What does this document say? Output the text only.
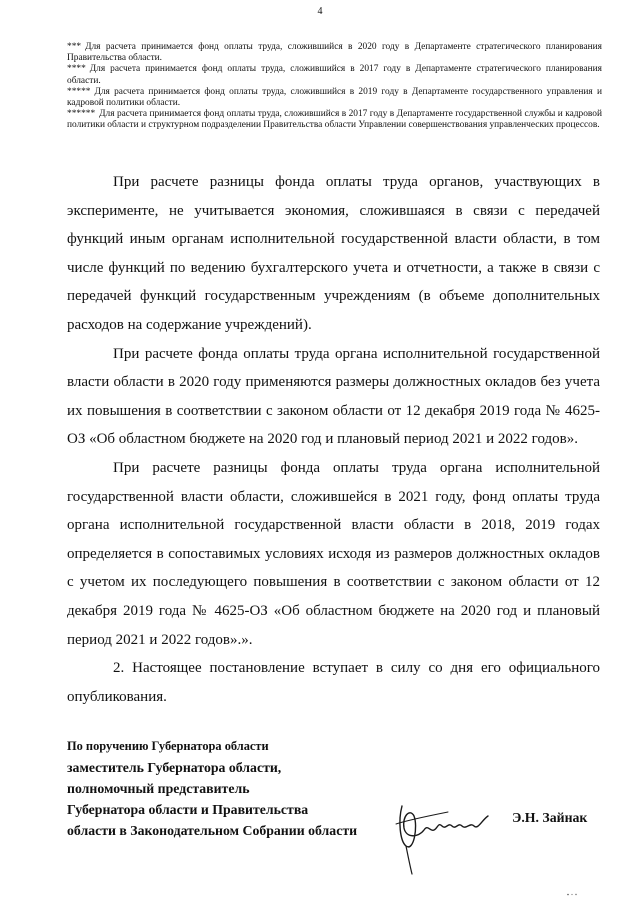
4

*** Для расчета принимается фонд оплаты труда, сложившийся в 2020 году в Департаменте стратегического планирования Правительства области.

**** Для расчета принимается фонд оплаты труда, сложившийся в 2017 году в Департаменте стратегического планирования области.

***** Для расчета принимается фонд оплаты труда, сложившийся в 2019 году в Департаменте государственного управления и кадровой политики области.

****** Для расчета принимается фонд оплаты труда, сложившийся в 2017 году в Департаменте государственной службы и кадровой политики области и структурном подразделении Правительства области Управлении совершенствования управленческих процессов.

При расчете разницы фонда оплаты труда органов, участвующих в эксперименте, не учитывается экономия, сложившаяся в связи с передачей функций иным органам исполнительной государственной власти области, в том числе функций по ведению бухгалтерского учета и отчетности, а также в связи с передачей функций государственным учреждениям (в объеме дополнительных расходов на содержание учреждений).

При расчете фонда оплаты труда органа исполнительной государственной власти области в 2020 году применяются размеры должностных окладов без учета их повышения в соответствии с законом области от 12 декабря 2019 года № 4625-ОЗ «Об областном бюджете на 2020 год и плановый период 2021 и 2022 годов».

При расчете разницы фонда оплаты труда органа исполнительной государственной власти области, сложившейся в 2021 году, фонд оплаты труда органа исполнительной государственной власти области в 2018, 2019 годах определяется в сопоставимых условиях исходя из размеров должностных окладов с учетом их последующего повышения в соответствии с законом области от 12 декабря 2019 года № 4625-ОЗ «Об областном бюджете на 2020 год и плановый период 2021 и 2022 годов».».

2. Настоящее постановление вступает в силу со дня его официального опубликования.

По поручению Губернатора области

заместитель Губернатора области,

полномочный представитель

Губернатора области и Правительства

области в Законодательном Собрании области

Э.Н. Зайнак
